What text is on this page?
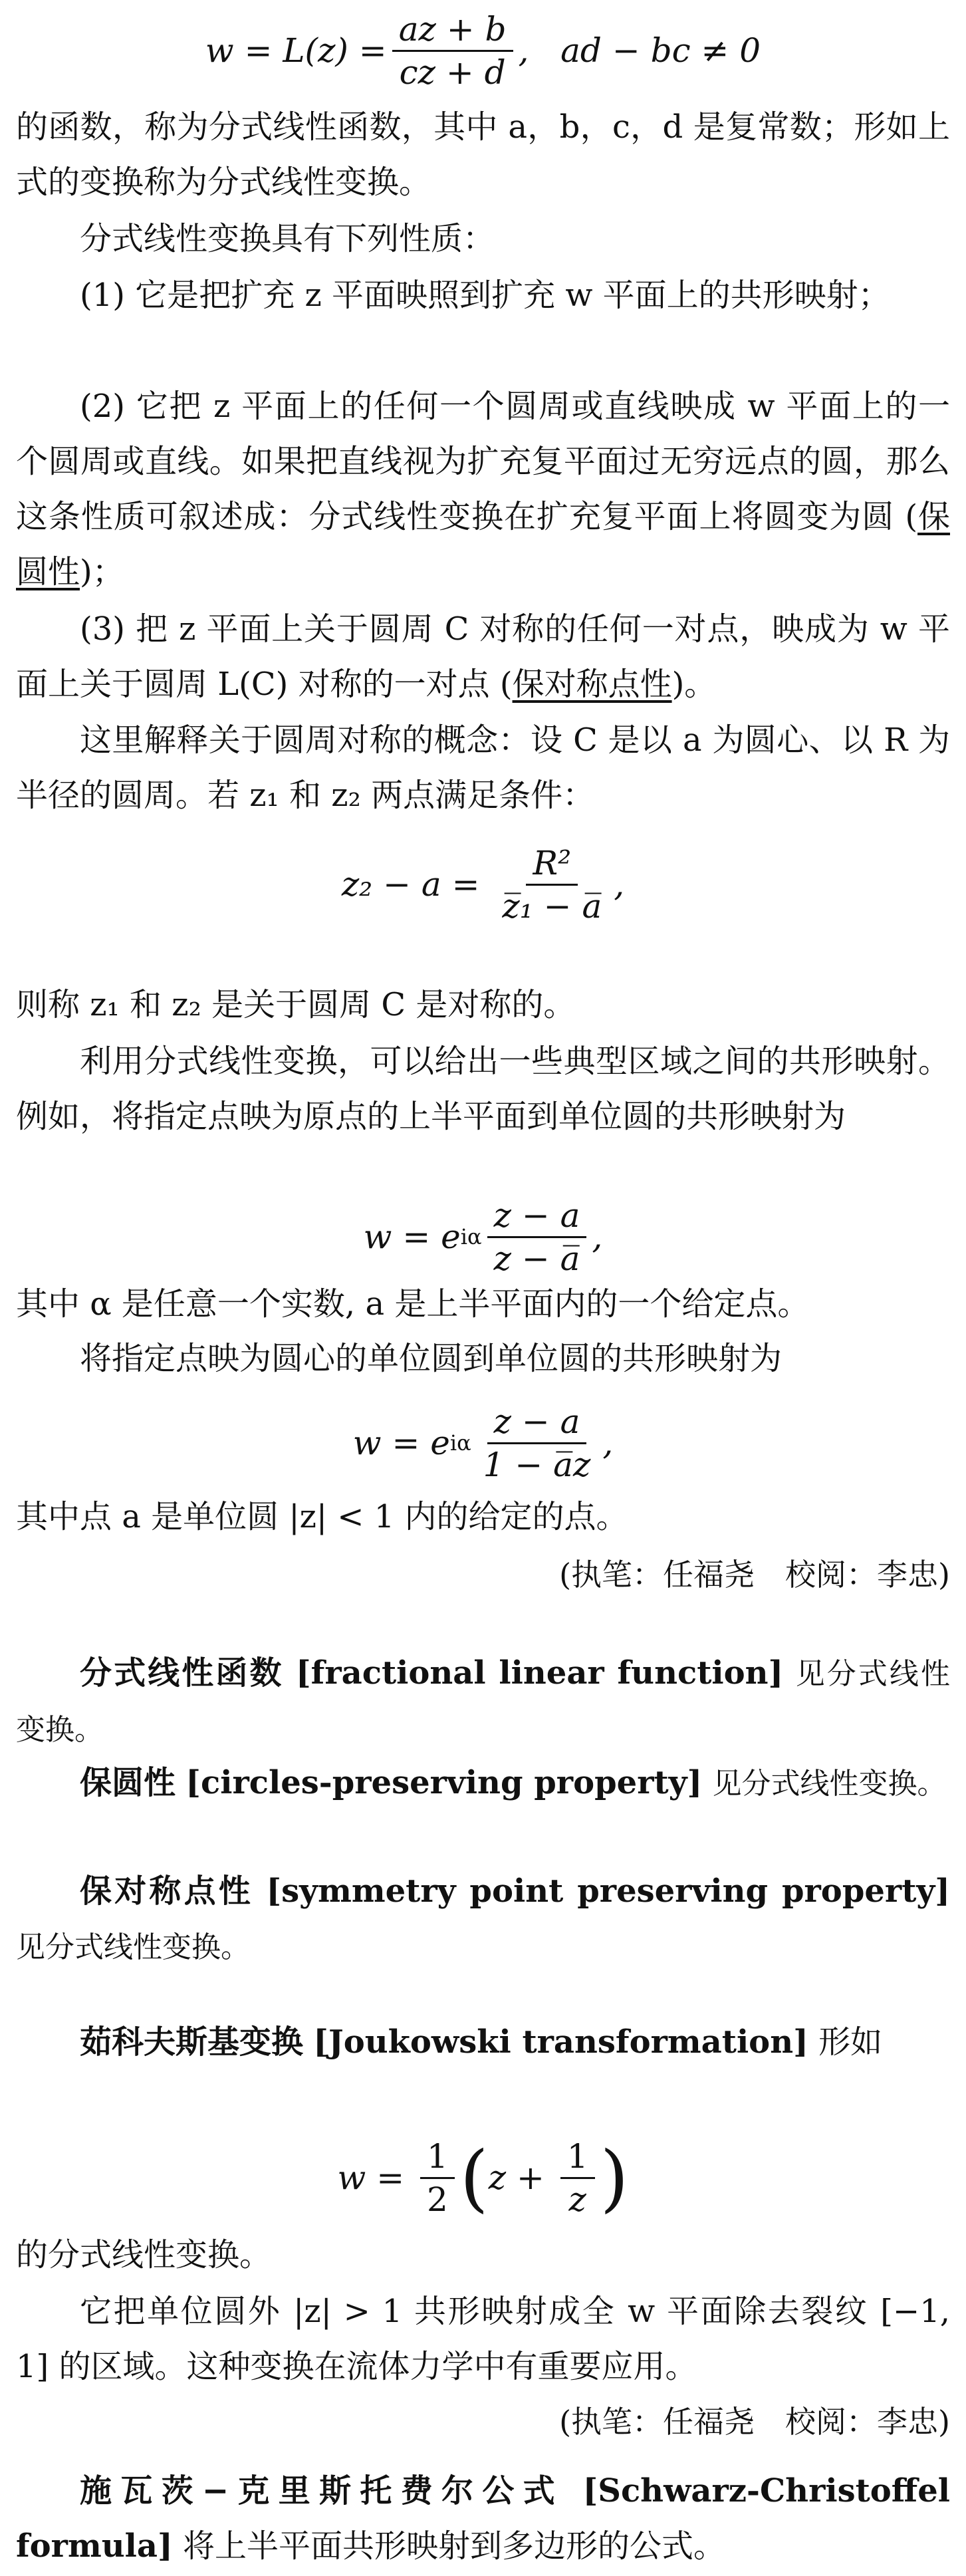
$w = L(z) = \frac{az + b}{cz + d}$ ,   ad − bc ≠ 0

的函数，称为分式线性函数，其中 a，b，c，d 是复常数；形如上式的变换称为分式线性变换。

分式线性变换具有下列性质：

(1) 它是把扩充 z 平面映照到扩充 w 平面上的共形映射；

(2) 它把 z 平面上的任何一个圆周或直线映成 w 平面上的一个圆周或直线。如果把直线视为扩充复平面过无穷远点的圆，那么这条性质可叙述成：分式线性变换在扩充复平面上将圆变为圆 (保圆性)；

(3) 把 z 平面上关于圆周 C 对称的任何一对点，映成为 w 平面上关于圆周 L(C) 对称的一对点 (保对称点性)。

这里解释关于圆周对称的概念：设 C 是以 a 为圆心、以 R 为半径的圆周。若 z₁ 和 z₂ 两点满足条件：

$z_2 - a = \frac{\text{R²}}{\text{z̅₁ − a̅}}$ ,

则称 z₁ 和 z₂ 是关于圆周 C 是对称的。

利用分式线性变换，可以给出一些典型区域之间的共形映射。例如，将指定点映为原点的上半平面到单位圆的共形映射为

w = e iα $\frac{z - a}{z - a̅}$ ,

其中 α 是任意一个实数, a 是上半平面内的一个给定点。

将指定点映为圆心的单位圆到单位圆的共形映射为

w = e iα $\frac{z - a}{1 - a̅z}$ ,

其中点 a 是单位圆 |z| < 1 内的给定的点。

(执笔：任福尧　校阅：李忠)

分式线性函数 [fractional linear function] 见分式线性变换。

保圆性 [circles-preserving property] 见分式线性变换。

保对称点性 [symmetry point preserving property] 见分式线性变换。

茹科夫斯基变换 [Joukowski transformation] 形如

$w = \frac{1}{2}$ ( $z + \frac{1}{z}$ )

的分式线性变换。

它把单位圆外 |z| > 1 共形映射成全 w 平面除去裂纹 [−1, 1] 的区域。这种变换在流体力学中有重要应用。

(执笔：任福尧　校阅：李忠)

施瓦茨−克里斯托费尔公式 [Schwarz-Christoffel formula] 将上半平面共形映射到多边形的公式。
